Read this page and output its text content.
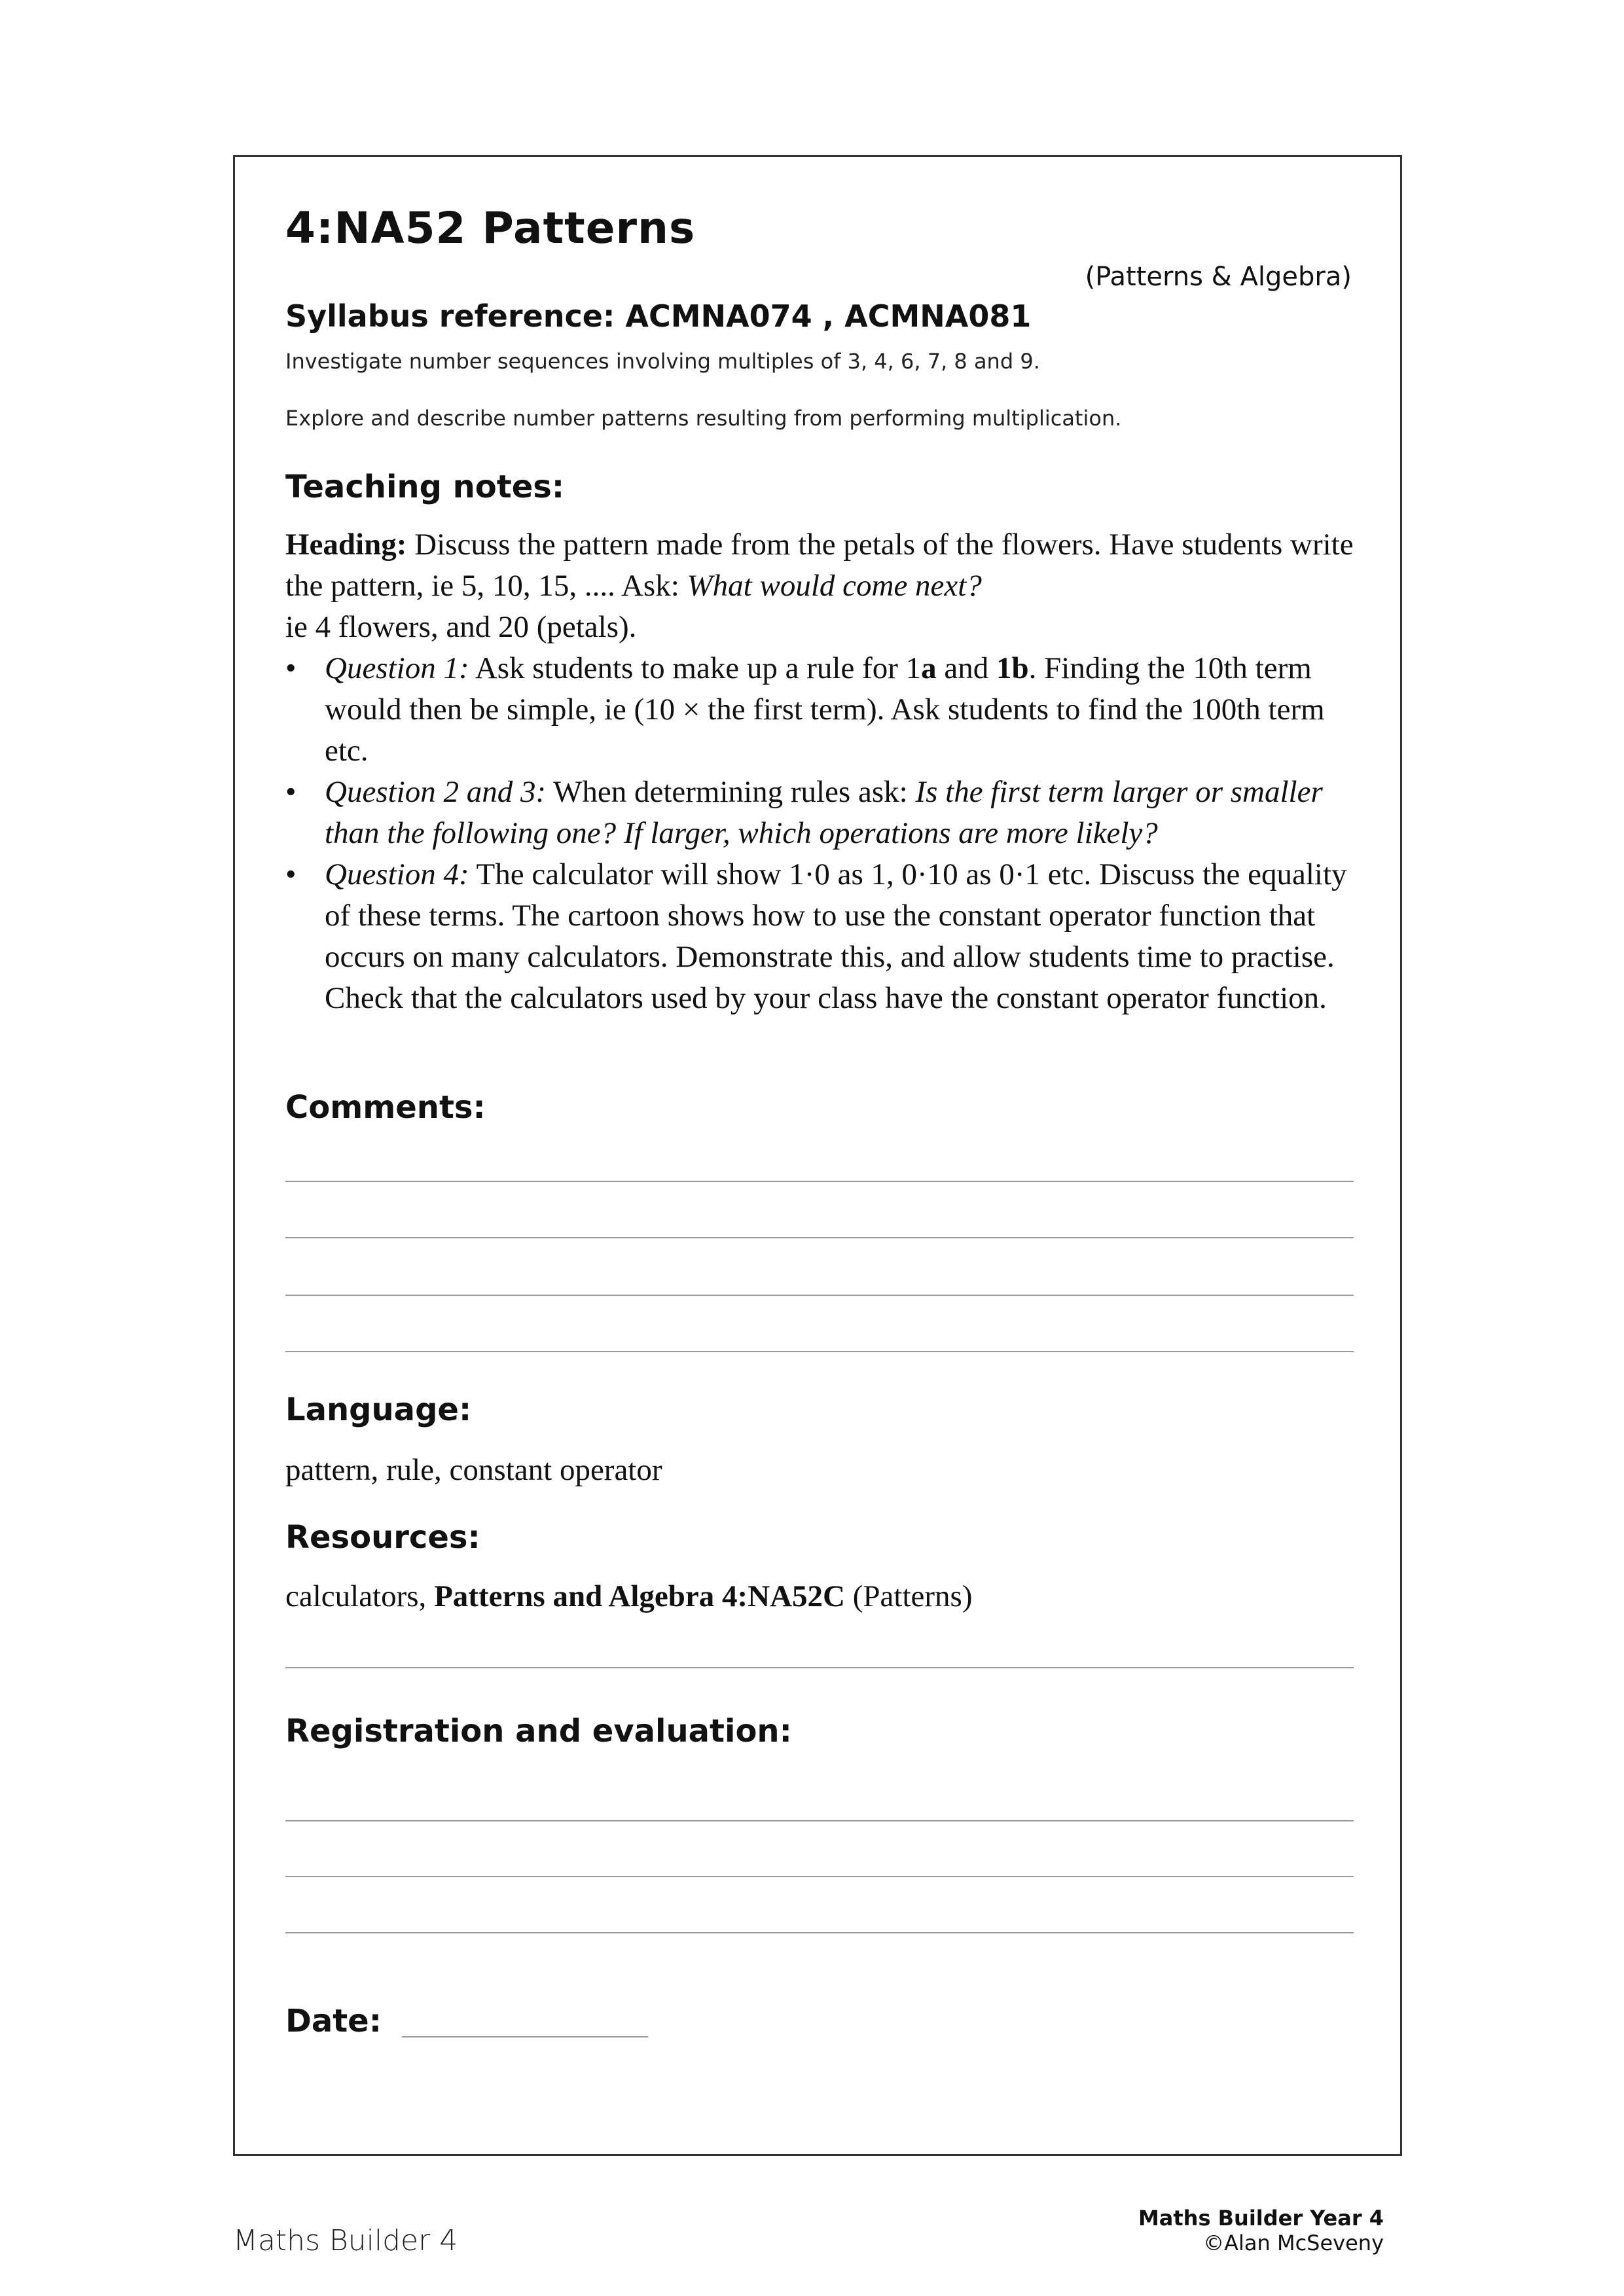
4:NA52 Patterns
(Patterns & Algebra)
Syllabus reference: ACMNA074 , ACMNA081
Investigate number sequences involving multiples of 3, 4, 6, 7, 8 and 9.
Explore and describe number patterns resulting from performing multiplication.
Teaching notes:

Heading: Discuss the pattern made from the petals of the flowers. Have students write the pattern, ie 5, 10, 15, .... Ask: What would come next?

ie 4 flowers, and 20 (petals).

• Question 1: Ask students to make up a rule for 1a and 1b. Finding the 10th term would then be simple, ie (10 × the first term). Ask students to find the 100th term etc.
• Question 2 and 3: When determining rules ask: Is the first term larger or smaller than the following one? If larger, which operations are more likely?
• Question 4: The calculator will show 1·0 as 1, 0·10 as 0·1 etc. Discuss the equality of these terms. The cartoon shows how to use the constant operator function that occurs on many calculators. Demonstrate this, and allow students time to practise. Check that the calculators used by your class have the constant operator function.
Comments:
Language:
pattern, rule, constant operator
Resources:
calculators, Patterns and Algebra 4:NA52C (Patterns)
Registration and evaluation:
Date:
Maths Builder 4
Maths Builder Year 4
©Alan McSeveny
